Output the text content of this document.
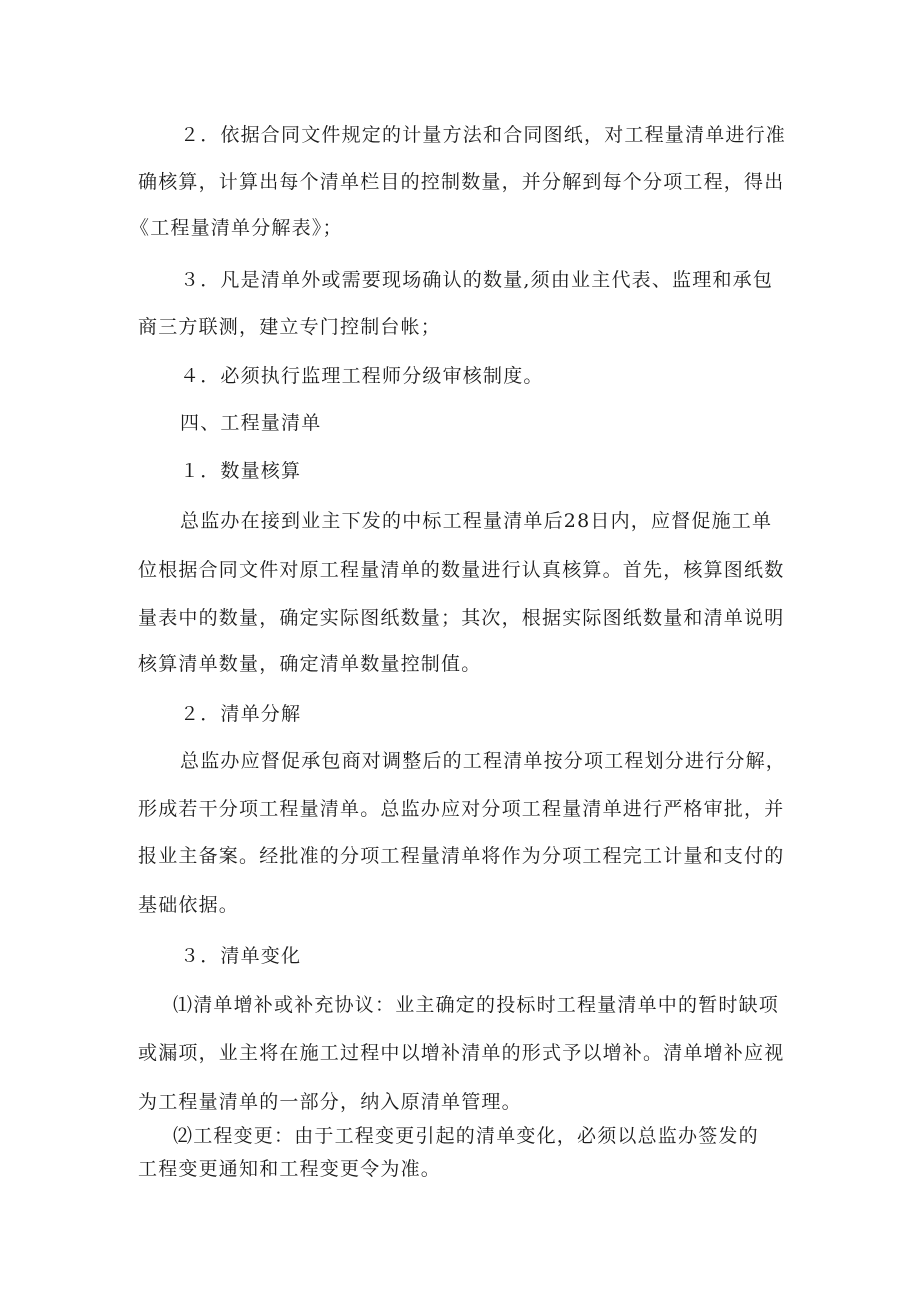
２．依据合同文件规定的计量方法和合同图纸，对工程量清单进行准
确核算，计算出每个清单栏目的控制数量，并分解到每个分项工程，得出
《工程量清单分解表》；
３．凡是清单外或需要现场确认的数量,须由业主代表、监理和承包
商三方联测，建立专门控制台帐；
４．必须执行监理工程师分级审核制度。
四、工程量清单
１．数量核算
总监办在接到业主下发的中标工程量清单后28日内，应督促施工单
位根据合同文件对原工程量清单的数量进行认真核算。首先，核算图纸数
量表中的数量，确定实际图纸数量；其次，根据实际图纸数量和清单说明
核算清单数量，确定清单数量控制值。
２．清单分解
总监办应督促承包商对调整后的工程清单按分项工程划分进行分解，
形成若干分项工程量清单。总监办应对分项工程量清单进行严格审批，并
报业主备案。经批准的分项工程量清单将作为分项工程完工计量和支付的
基础依据。
３．清单变化
⑴清单增补或补充协议：业主确定的投标时工程量清单中的暂时缺项
或漏项，业主将在施工过程中以增补清单的形式予以增补。清单增补应视
为工程量清单的一部分，纳入原清单管理。
⑵工程变更：由于工程变更引起的清单变化，必须以总监办签发的
工程变更通知和工程变更令为准。
